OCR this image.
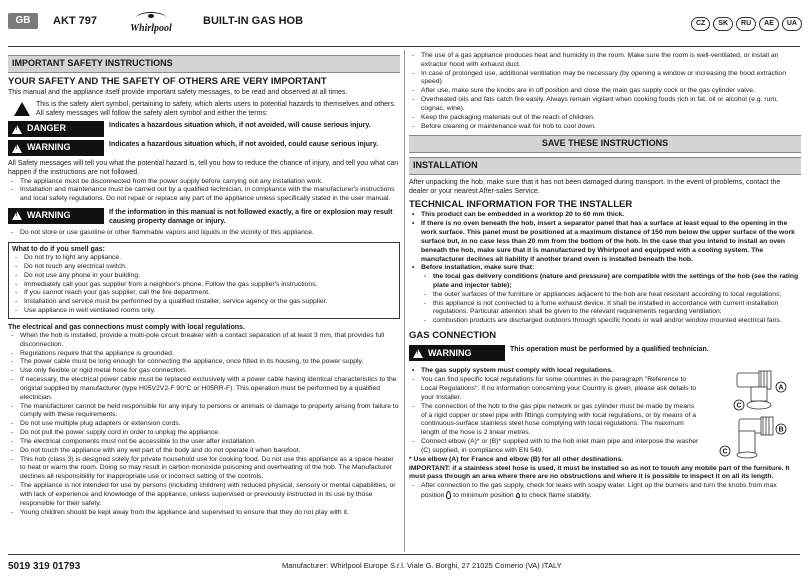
GB	AKT 797
Whirlpool
BUILT-IN GAS HOB	CZ	SK	RU	AE	UA
IMPORTANT SAFETY INSTRUCTIONS
YOUR SAFETY AND THE SAFETY OF OTHERS ARE VERY IMPORTANT
This manual and the appliance itself provide important safety messages, to be read and observed at all times.
This is the safety alert symbol, pertaining to safety, which alerts users to potential hazards to themselves and others. All safety messages will follow the safety alert symbol and either the terms:
! DANGER	Indicates a hazardous situation which, if not avoided, will cause serious injury.
! WARNING	Indicates a hazardous situation which, if not avoided, could cause serious injury.
All Safety messages will tell you what the potential hazard is, tell you how to reduce the chance of injury, and tell you what can happen if the instructions are not followed.
- The appliance must be disconnected from the power supply before carrying out any installation work.
- Installation and maintenance must be carried out by a qualified technician, in compliance with the manufacturer's instructions and local safety regulations. Do not repair or replace any part of the appliance unless specifically stated in the user manual.
! WARNING	If the information in this manual is not followed exactly, a fire or explosion may result causing property damage or injury.
- Do not store or use gasoline or other flammable vapors and liquids in the vicinity of this appliance.
What to do if you smell gas:
- Do not try to light any appliance.
- Do not touch any electrical switch.
- Do not use any phone in your building.
- Immediately call your gas supplier from a neighbor's phone. Follow the gas supplier's instructions.
- If you cannot reach your gas supplier, call the fire department.
- Installation and service must be performed by a qualified installer, service agency or the gas supplier.
- Use appliance in well ventilated rooms only.
The electrical and gas connections must comply with local regulations.
- When the hob is installed, provide a multi-pole circuit breaker with a contact separation of at least 3 mm, that provides full disconnection.
- Regulations require that the appliance is grounded.
- The power cable must be long enough for connecting the appliance, once fitted in its housing, to the power supply.
- Use only flexible or rigid metal hose for gas connection.
- If necessary, the electrical power cable must be replaced exclusively with a power cable having identical characteristics to the original supplied by manufacturer (type H05V2V2-F 90°C or H05RR-F). This operation must be performed by a qualified electrician.
- The manufacturer cannot be held responsible for any injury to persons or animals or damage to property arising from failure to comply with these requirements.
- Do not use multiple plug adapters or extension cords.
- Do not pull the power supply cord in order to unplug the appliance.
- The electrical components must not be accessible to the user after installation.
- Do not touch the appliance with any wet part of the body and do not operate it when barefoot.
- This hob (class 3) is designed solely for private household use for cooking food. Do not use this appliance as a space heater to heat or warm the room. Doing so may result in carbon monoxide poisoning and overheating of the hob. The Manufacturer declines all responsibility for inappropriate use or incorrect setting of the controls.
- The appliance is not intended for use by persons (including children) with reduced physical, sensory or mental capabilities, or with lack of experience and knowledge of the appliance, unless supervised or previously instructed in its use by those responsible for their safety.
- Young children should be kept away from the appliance and supervised to ensure that they do not play with it.
- The use of a gas appliance produces heat and humidity in the room. Make sure the room is well-ventilated, or install an extractor hood with exhaust duct.
- In case of prolonged use, additional ventilation may be necessary (by opening a window or increasing the hood extraction speed).
- After use, make sure the knobs are in off position and close the main gas supply cock or the gas cylinder valve.
- Overheated oils and fats catch fire easily. Always remain vigilant when cooking foods rich in fat, oil or alcohol (e.g. rum, cognac, wine).
- Keep the packaging materials out of the reach of children.
- Before cleaning or maintenance wait for hob to cool down.
SAVE THESE INSTRUCTIONS
INSTALLATION
After unpacking the hob, make sure that it has not been damaged during transport. In the event of problems, contact the dealer or your nearest After-sales Service.
TECHNICAL INFORMATION FOR THE INSTALLER
• This product can be embedded in a worktop 20 to 60 mm thick.
• If there is no oven beneath the hob, insert a separator panel that has a surface at least equal to the opening in the work surface. This panel must be positioned at a maximum distance of 150 mm below the upper surface of the work surface but, in no case less than 20 mm from the bottom of the hob. In the case that you intend to install an oven beneath the hob, make sure that it is manufactured by Whirlpool and equipped with a cooling system. The manufacturer declines all liability if another brand oven is installed beneath the hob.
• Before installation, make sure that:
- the local gas delivery conditions (nature and pressure) are compatible with the settings of the hob (see the rating plate and injector table);
- the outer surfaces of the furniture or appliances adjacent to the hob are heat resistant according to local regulations;
- this appliance is not connected to a fume exhaust device. It shall be installed in accordance with current installation regulations. Particular attention shall be given to the relevant requirements regarding ventilation;
- combustion products are discharged outdoors through specific hoods or wall and/or window mounted electrical fans.
GAS CONNECTION
! WARNING	This operation must be performed by a qualified technician.
• The gas supply system must comply with local regulations.
- You can find specific local regulations for some countries in the paragraph "Reference to Local Regulations". If no information concerning your Country is given, please ask details to your Installer.
- The connection of the hob to the gas pipe network or gas cylinder must be made by means of a rigid copper or steel pipe with fittings complying with local regulations, or by means of a continuous-surface stainless steel hose complying with local regulations. The maximum length of the hose is 2 linear metres.
- Connect elbow (A)* or (B)* supplied with to the hob inlet main pipe and interpose the washer (C) supplied, in compliance with EN 549.
* Use elbow (A) for France and elbow (B) for all other destinations.
A
C
B
C
IMPORTANT: if a stainless steel hose is used, it must be installed so as not to touch any mobile part of the furniture. It must pass through an area where there are no obstructions and where it is possible to inspect it on all its length.
- After connection to the gas supply, check for leaks with soapy water. Light up the burners and turn the knobs from max position to minimum position to check flame stability.
5019 319 01793	Manufacturer: Whirlpool Europe S.r.l. Viale G. Borghi, 27 21025 Comerio (VA) ITALY
